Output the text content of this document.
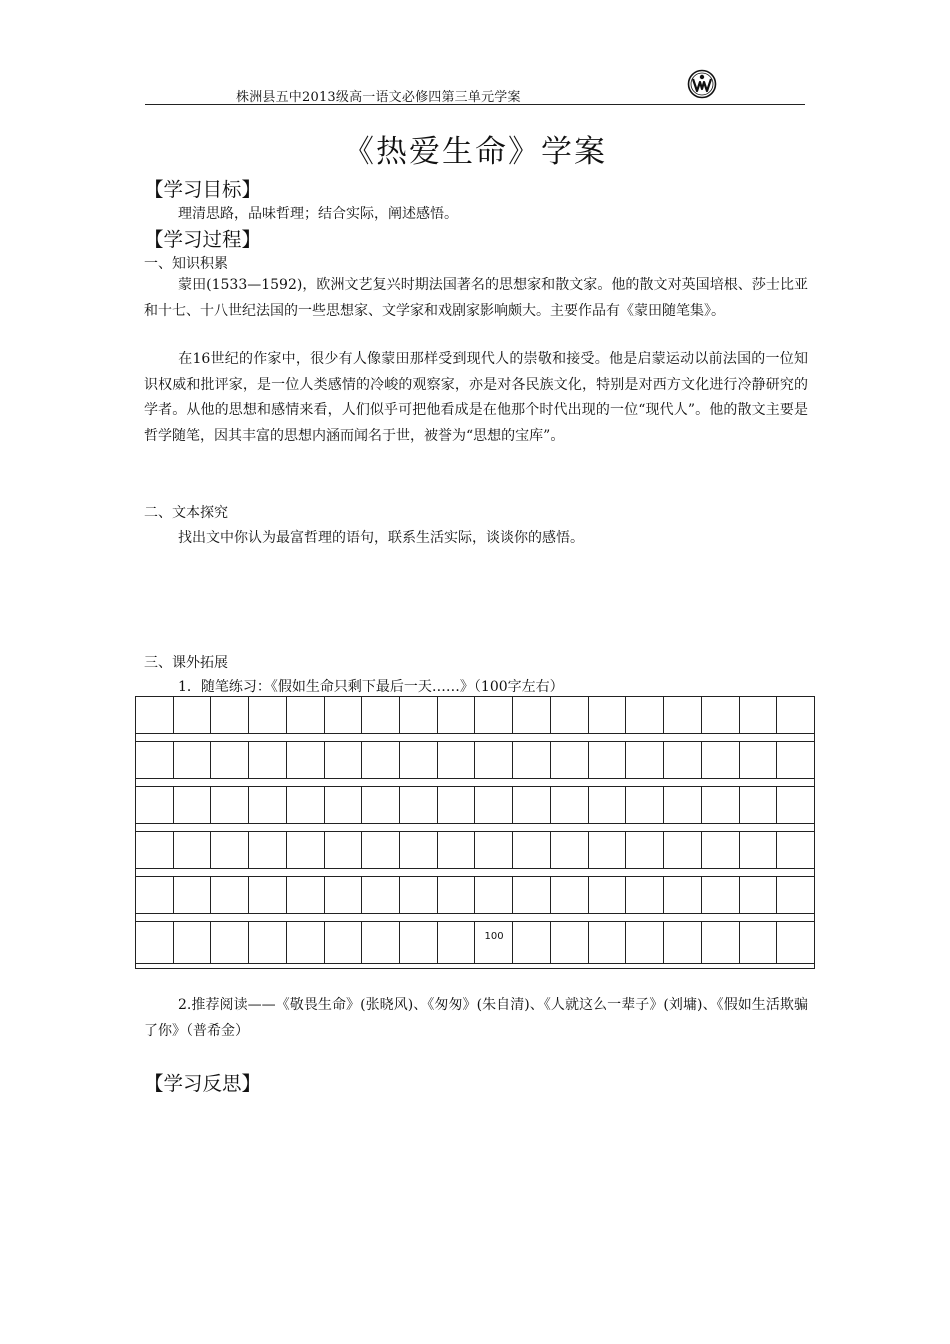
株洲县五中2013级高一语文必修四第三单元学案
《热爱生命》学案
【学习目标】
理清思路，品味哲理；结合实际，阐述感悟。
【学习过程】
一、知识积累
蒙田(1533—1592)，欧洲文艺复兴时期法国著名的思想家和散文家。他的散文对英国培根、莎士比亚和十七、十八世纪法国的一些思想家、文学家和戏剧家影响颇大。主要作品有《蒙田随笔集》。
在16世纪的作家中，很少有人像蒙田那样受到现代人的崇敬和接受。他是启蒙运动以前法国的一位知识权威和批评家，是一位人类感情的冷峻的观察家，亦是对各民族文化，特别是对西方文化进行冷静研究的学者。从他的思想和感情来看，人们似乎可把他看成是在他那个时代出现的一位“现代人”。他的散文主要是哲学随笔，因其丰富的思想内涵而闻名于世，被誉为“思想的宝库”。
二、文本探究
找出文中你认为最富哲理的语句，联系生活实际，谈谈你的感悟。
三、课外拓展
1．随笔练习：《假如生命只剩下最后一天……》（100字左右）
100
2.推荐阅读——《敬畏生命》(张晓风)、《匆匆》(朱自清)、《人就这么一辈子》(刘墉)、《假如生活欺骗了你》（普希金）
【学习反思】
